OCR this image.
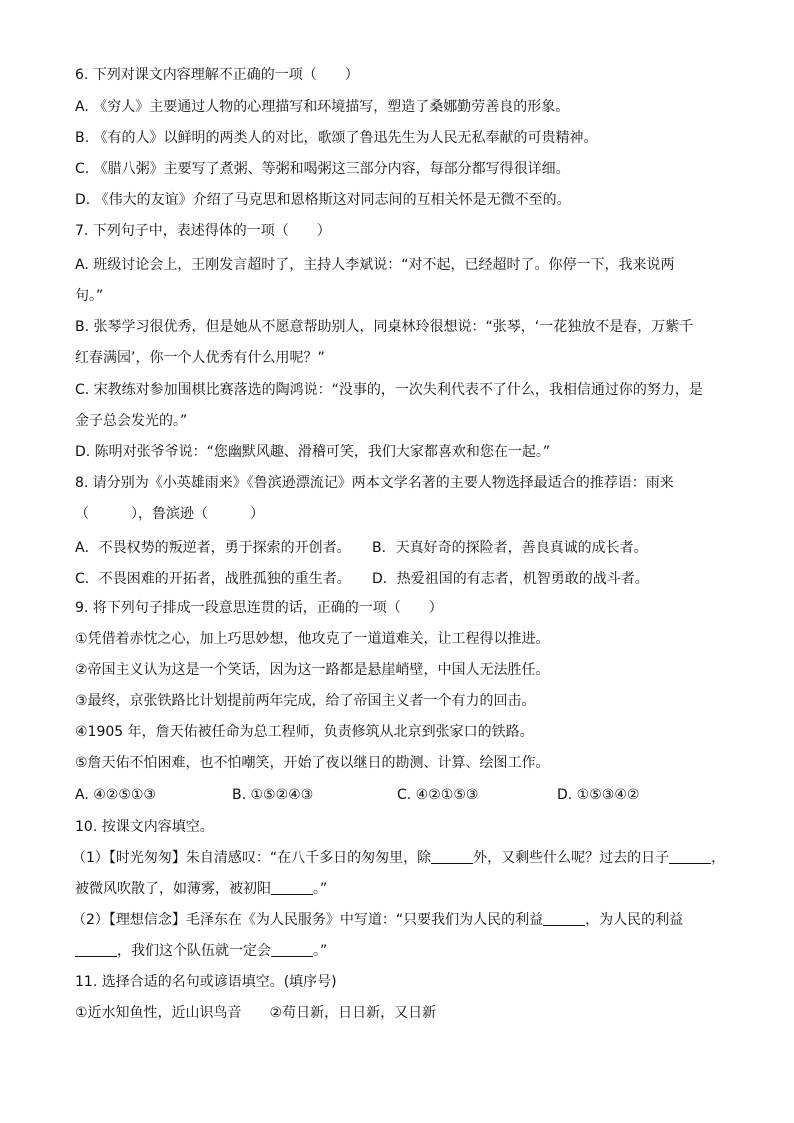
6. 下列对课文内容理解不正确的一项（　　）
A. 《穷人》主要通过人物的心理描写和环境描写，塑造了桑娜勤劳善良的形象。
B. 《有的人》以鲜明的两类人的对比，歌颂了鲁迅先生为人民无私奉献的可贵精神。
C. 《腊八粥》主要写了煮粥、等粥和喝粥这三部分内容，每部分都写得很详细。
D. 《伟大的友谊》介绍了马克思和恩格斯这对同志间的互相关怀是无微不至的。
7. 下列句子中，表述得体的一项（　　）
A. 班级讨论会上，王刚发言超时了，主持人李斌说：“对不起，已经超时了。你停一下，我来说两
句。”
B. 张琴学习很优秀，但是她从不愿意帮助别人，同桌林玲很想说：“张琴，‘一花独放不是春，万紫千
红春满园’，你一个人优秀有什么用呢？”
C. 宋教练对参加围棋比赛落选的陶鸿说：“没事的，一次失利代表不了什么，我相信通过你的努力，是
金子总会发光的。”
D. 陈明对张爷爷说：“您幽默风趣、滑稽可笑，我们大家都喜欢和您在一起。”
8. 请分别为《小英雄雨来》《鲁滨逊漂流记》两本文学名著的主要人物选择最适合的推荐语：雨来
（　　　），鲁滨逊（　　　）
A．不畏权势的叛逆者，勇于探索的开创者。 B．天真好奇的探险者，善良真诚的成长者。
C．不畏困难的开拓者，战胜孤独的重生者。 D．热爱祖国的有志者，机智勇敢的战斗者。
9. 将下列句子排成一段意思连贯的话，正确的一项（　　）
①凭借着赤忱之心，加上巧思妙想，他攻克了一道道难关，让工程得以推进。
②帝国主义认为这是一个笑话，因为这一路都是悬崖峭壁，中国人无法胜任。
③最终，京张铁路比计划提前两年完成，给了帝国主义者一个有力的回击。
④1905 年，詹天佑被任命为总工程师，负责修筑从北京到张家口的铁路。
⑤詹天佑不怕困难，也不怕嘲笑，开始了夜以继日的勘测、计算、绘图工作。
A. ④②⑤①③	B. ①⑤②④③	C. ④②①⑤③	D. ①⑤③④②
10. 按课文内容填空。
（1）【时光匆匆】朱自清感叹：“在八千多日的匆匆里，除	外，又剩些什么呢？过去的日子	，
被微风吹散了，如薄雾，被初阳	。”
（2）【理想信念】毛泽东在《为人民服务》中写道：“只要我们为人民的利益	，为人民的利益
，我们这个队伍就一定会	。”
11. 选择合适的名句或谚语填空。(填序号)
①近水知鱼性，近山识鸟音　　②苟日新，日日新，又日新
